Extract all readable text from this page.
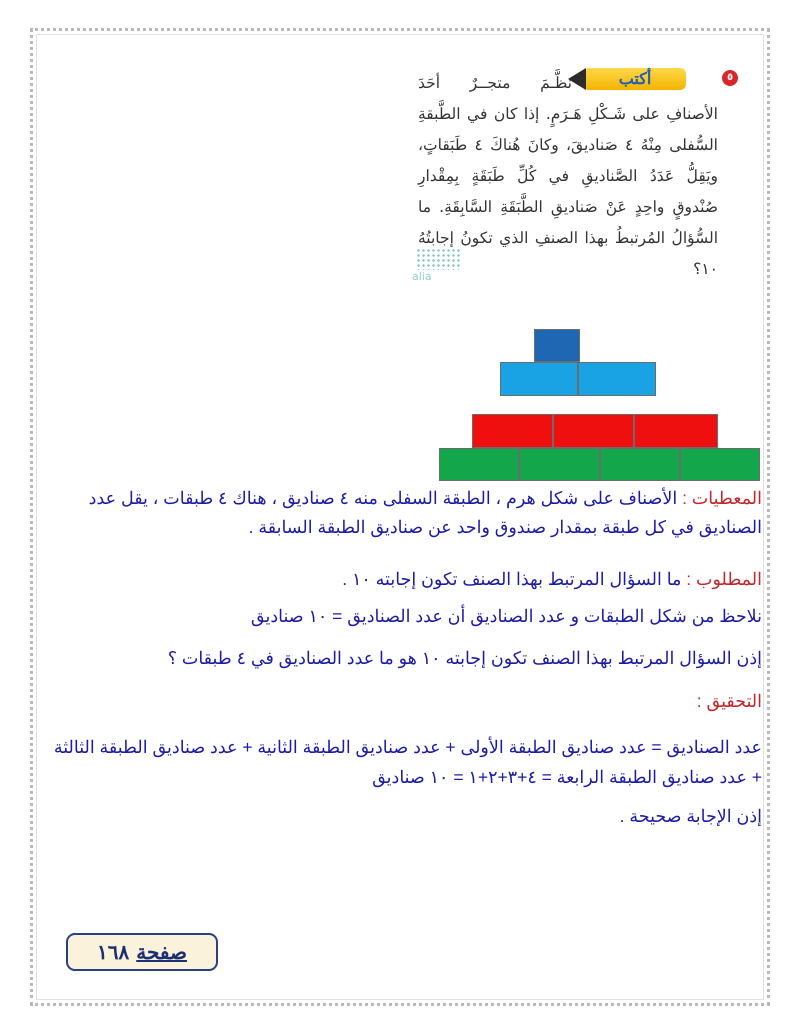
٥
أكتب
نظَّـمَ متجــرٌ أحَدَ الأصنافِ على شَـكْلِ هَـرَمٍ. إذا كان في الطَّبقةِ السُّفلى مِنْهُ ٤ صَناديقَ، وكانَ هُناكَ ٤ طَبَقاتٍ، ويَقِلُّ عَدَدُ الصَّناديقِ في كُلِّ طَبَقَةٍ بِمِقْدارِ صُنْدوقٍ واحِدٍ عَنْ صَناديقِ الطَّبَقَةِ السَّابِقَةِ. ما السُّؤالُ المُرتبطُ بهذا الصنفِ الذي تكونُ إجابتُهُ ١٠؟
alia

المعطيات : الأصناف على شكل هرم ، الطبقة السفلى منه ٤ صناديق ، هناك ٤ طبقات ، يقل عدد الصناديق في كل طبقة بمقدار صندوق واحد عن صناديق الطبقة السابقة .

المطلوب : ما السؤال المرتبط بهذا الصنف تكون إجابته ١٠ .

نلاحظ من شكل الطبقات و عدد الصناديق أن عدد الصناديق = ١٠ صناديق

إذن السؤال المرتبط بهذا الصنف تكون إجابته ١٠ هو ما عدد الصناديق في ٤ طبقات ؟

التحقيق :

عدد الصناديق = عدد صناديق الطبقة الأولى + عدد صناديق الطبقة الثانية + عدد صناديق الطبقة الثالثة + عدد صناديق الطبقة الرابعة = ٤+٣+٢+١ = ١٠ صناديق

إذن الإجابة صحيحة .

صفحة ١٦٨
